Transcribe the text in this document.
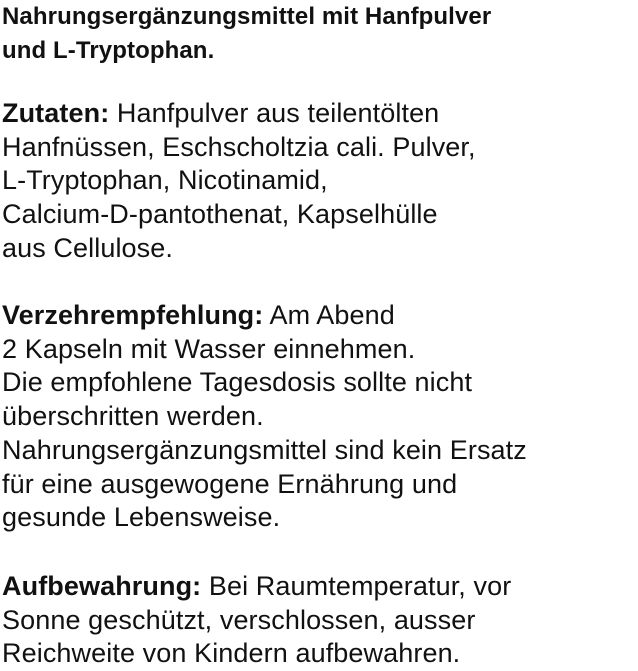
Nahrungsergänzungsmittel mit Hanfpulver
und L-Tryptophan.
Zutaten: Hanfpulver aus teilentölten
Hanfnüssen, Eschscholtzia cali. Pulver,
L-Tryptophan, Nicotinamid,
Calcium-D-pantothenat, Kapselhülle
aus Cellulose.
Verzehrempfehlung: Am Abend
2 Kapseln mit Wasser einnehmen.
Die empfohlene Tagesdosis sollte nicht
überschritten werden.
Nahrungsergänzungsmittel sind kein Ersatz
für eine ausgewogene Ernährung und
gesunde Lebensweise.
Aufbewahrung: Bei Raumtemperatur, vor
Sonne geschützt, verschlossen, ausser
Reichweite von Kindern aufbewahren.
